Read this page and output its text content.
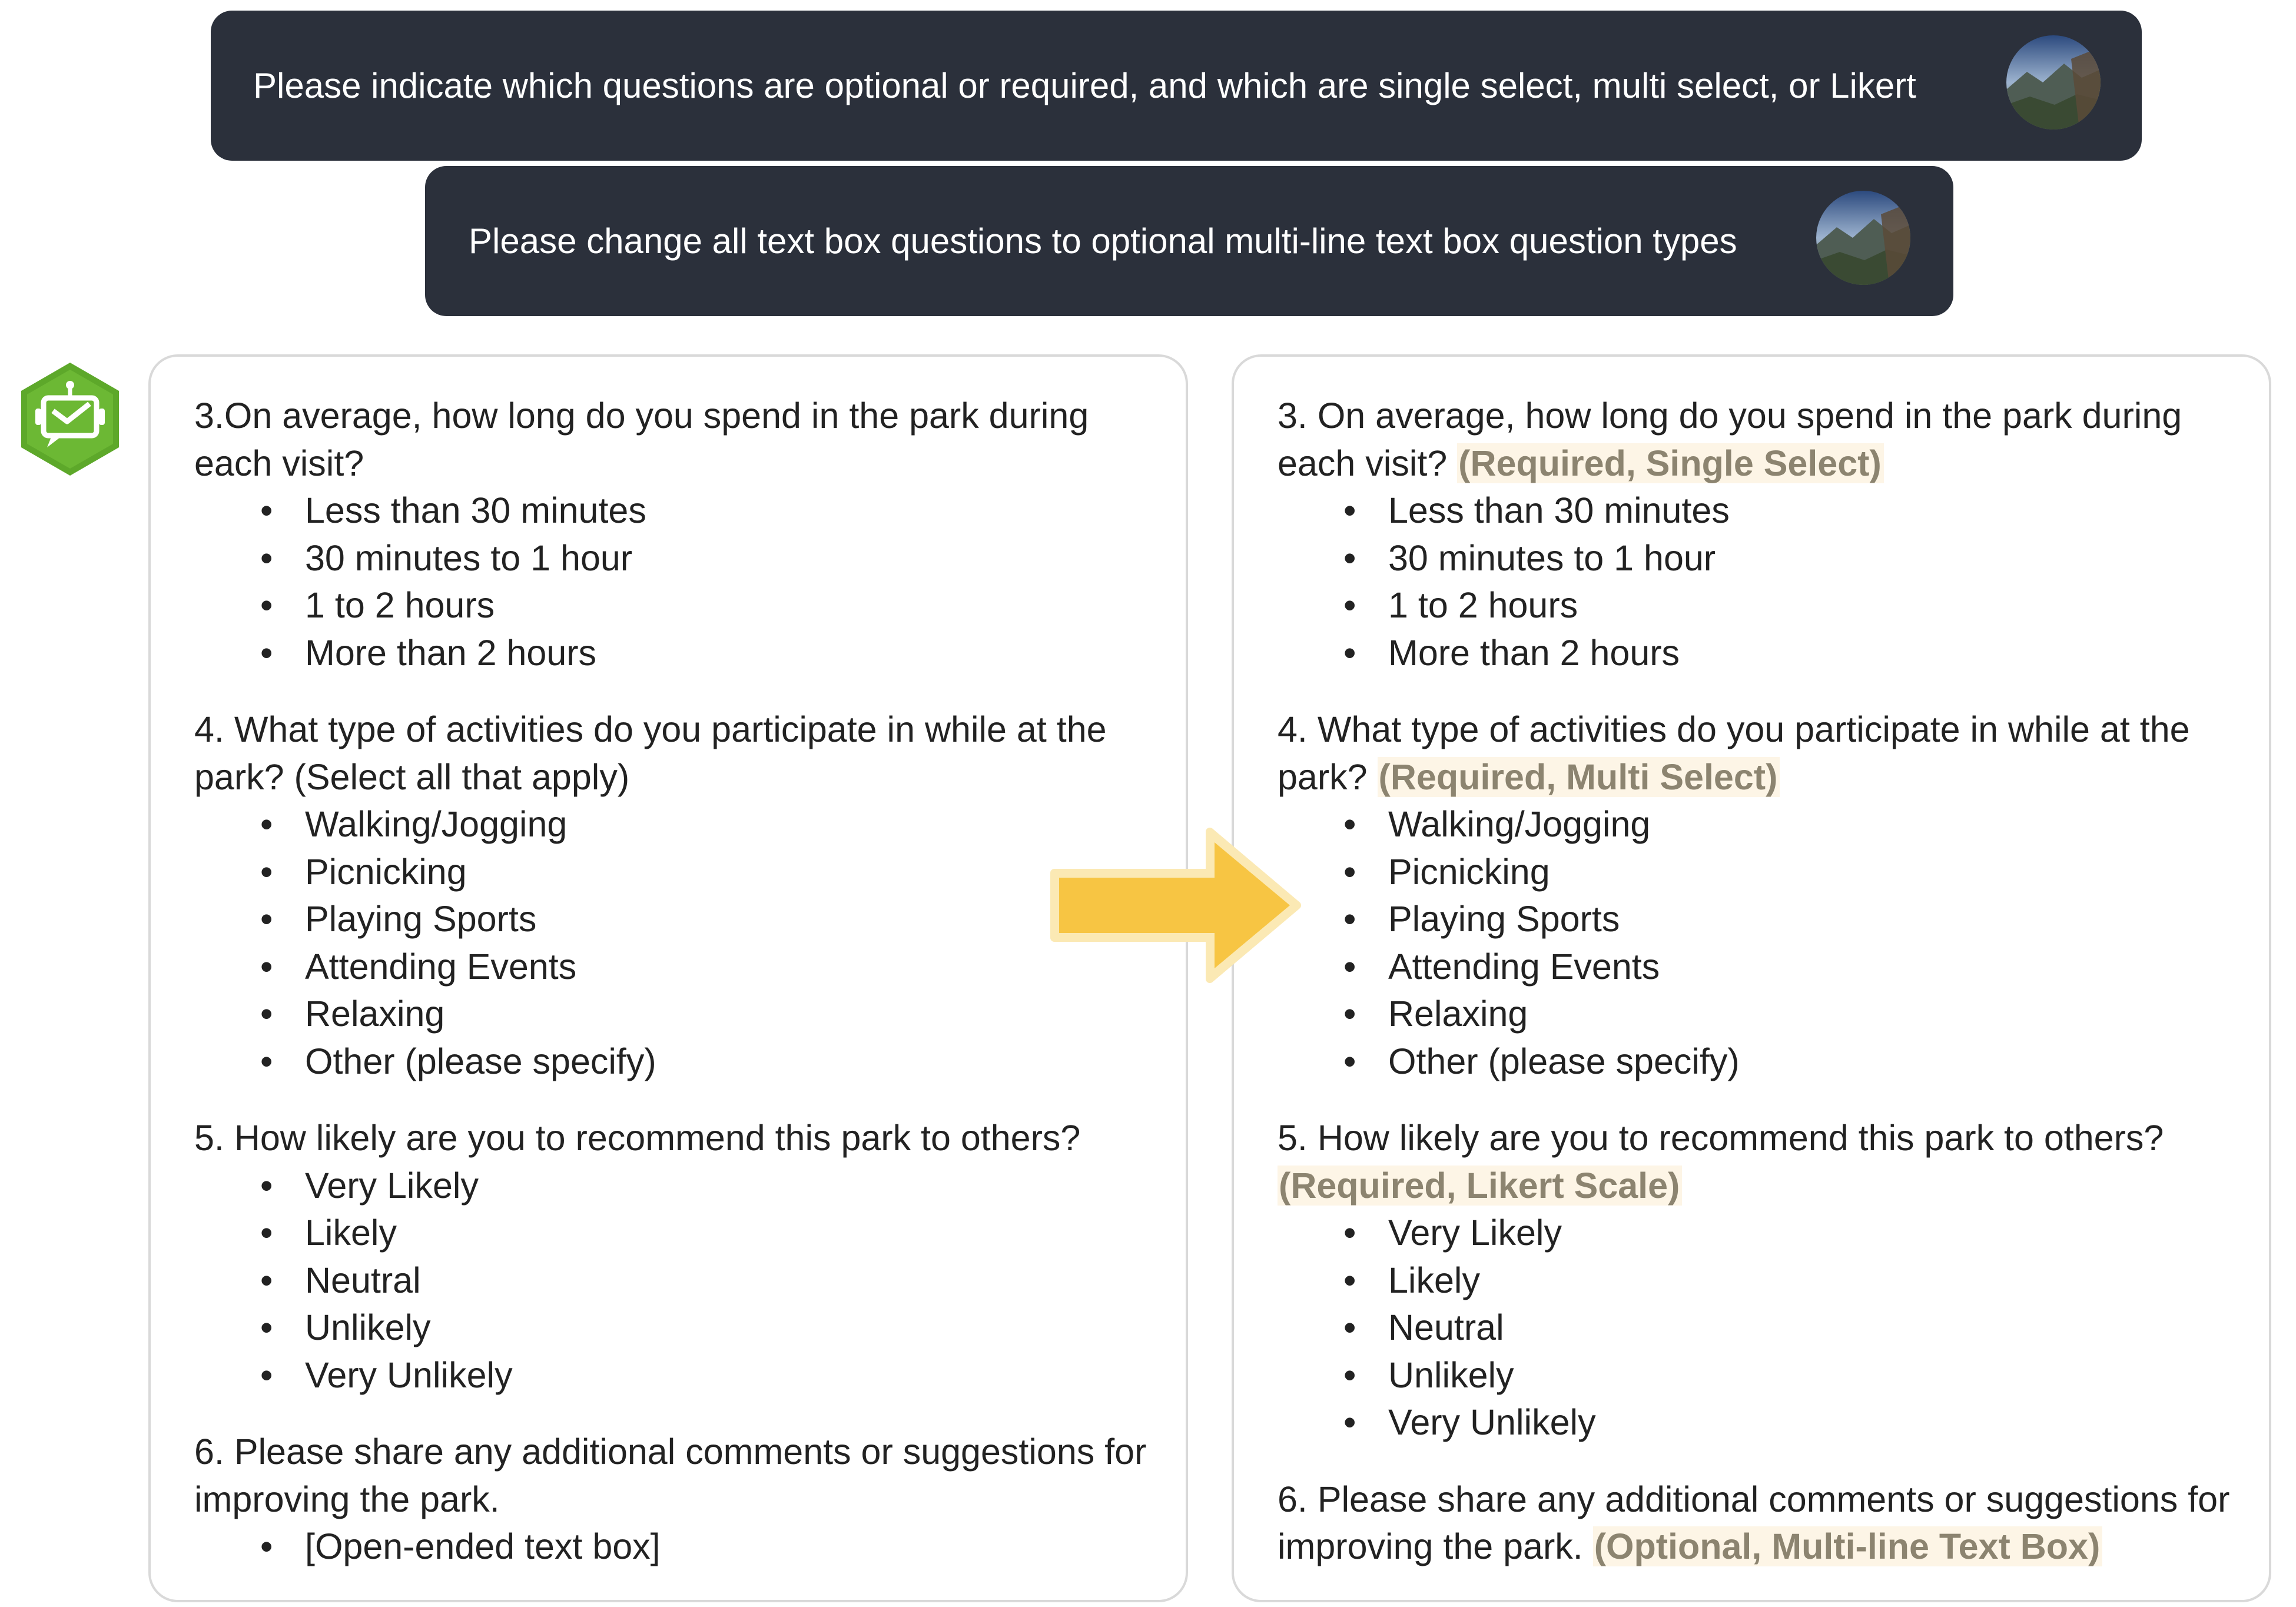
Please indicate which questions are optional or required, and which are single select, multi select, or Likert
Please change all text box questions to optional multi-line text box question types

3.On average, how long do you spend in the park during each visit?

• Less than 30 minutes
• 30 minutes to 1 hour
• 1 to 2 hours
• More than 2 hours

4. What type of activities do you participate in while at the park? (Select all that apply)

• Walking/Jogging
• Picnicking
• Playing Sports
• Attending Events
• Relaxing
• Other (please specify)

5. How likely are you to recommend this park to others?

• Very Likely
• Likely
• Neutral
• Unlikely
• Very Unlikely

6. Please share any additional comments or suggestions for improving the park.

• [Open-ended text box]

3. On average, how long do you spend in the park during each visit? (Required, Single Select)

• Less than 30 minutes
• 30 minutes to 1 hour
• 1 to 2 hours
• More than 2 hours

4. What type of activities do you participate in while at the park? (Required, Multi Select)

• Walking/Jogging
• Picnicking
• Playing Sports
• Attending Events
• Relaxing
• Other (please specify)

5. How likely are you to recommend this park to others? (Required, Likert Scale)

• Very Likely
• Likely
• Neutral
• Unlikely
• Very Unlikely

6. Please share any additional comments or suggestions for improving the park. (Optional, Multi-line Text Box)
